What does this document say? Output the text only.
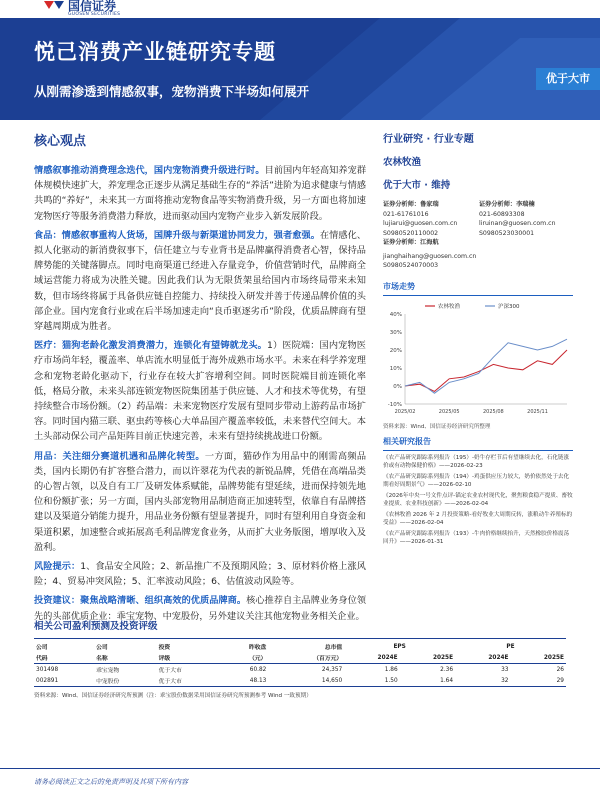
国信证券
GUOSEN SECURITIES
悦己消费产业链研究专题
从刚需渗透到情感叙事，宠物消费下半场如何展开
优于大市
核心观点

情感叙事推动消费理念迭代，国内宠物消费升级进行时。目前国内年轻高知养宠群体规模快速扩大，养宠理念正逐步从满足基础生存的“养活”进阶为追求健康与情感共鸣的“养好”，未来其一方面将推动宠物食品等实物消费升级，另一方面也将加速宠物医疗等服务消费潜力释放，进而驱动国内宠物产业步入新发展阶段。

食品：情感叙事重构人货场，国牌升级与新渠道协同发力，强者愈强。在情感化、拟人化驱动的新消费叙事下，信任建立与专业背书是品牌赢得消费者心智，保持品牌势能的关键落脚点。同时电商渠道已经进入存量竞争，价值营销时代，品牌商全域运营能力将成为决胜关键。因此我们认为无限货架虽给国内市场终局带来未知数，但市场终将属于具备供应链自控能力、持续投入研发并善于传递品牌价值的头部企业。国内宠食行业或在后半场加速走向“良币驱逐劣币”阶段，优质品牌商有望穿越周期成为胜者。

医疗：猫狗老龄化激发消费潜力，连锁化有望铸就龙头。1）医院端：国内宠物医疗市场尚年轻，覆盖率、单店流水明显低于海外成熟市场水平。未来在科学养宠理念和宠物老龄化驱动下，行业存在较大扩容增利空间。同时医院端目前连锁化率低，格局分散，未来头部连锁宠物医院集团基于供应链、人才和技术等优势，有望持续整合市场份额。（2）药品端：未来宠物医疗发展有望同步带动上游药品市场扩容。同时国内猫三联、驱虫药等核心大单品国产覆盖率较低，未来替代空间大。本土头部动保公司产品矩阵目前正快速完善，未来有望持续挑战进口份额。

用品：关注细分赛道机遇和品牌化转型。一方面，猫砂作为用品中的刚需高频品类，国内长期仍有扩容整合潜力，而以许翠花为代表的新锐品牌，凭借在高端品类的心智占领，以及自有工厂及研发体系赋能，品牌势能有望延续，进而保持领先地位和份额扩张；另一方面，国内头部宠物用品制造商正加速转型，依靠自有品牌搭建以及渠道分销能力提升，用品业务份额有望显著提升，同时有望利用自身资金和渠道积累，加速整合或拓展高毛利品牌宠食业务，从而扩大业务版图，增厚收入及盈利。

风险提示：1、食品安全风险；2、新品推广不及预期风险；3、原材料价格上涨风险；4、贸易冲突风险；5、汇率波动风险；6、估值波动风险等。

投资建议：聚焦战略清晰、组织高效的优质品牌商。核心推荐自主品牌业务身位领先的头部优质企业：乖宝宠物、中宠股份，另外建议关注其他宠物业务相关企业。

行业研究 · 行业专题
农林牧渔
优于大市 · 维持
证券分析师：鲁家瑞	证券分析师：李瑞楠
021-61761016	021-60893308
lujiarui@guosen.com.cn	liruinan@guosen.com.cn
S0980520110002	S0980523030001
证券分析师：江海航
jianghaihang@guosen.com.cn
S0980524070003
市场走势
40%
30%
20%
10%
0%
-10%
2025/02	2025/05	2025/08	2025/11
农林牧渔	沪深300
资料来源：Wind、国信证券经济研究所整理
相关研究报告
《农产品研究跟踪系列报告（195）-奶牛存栏节后有望继续去化，石化链涨价或有动物保健价格》——2026-02-23
《农产品研究跟踪系列报告（194）-鸡蛋供应压力较大，奶价依然处于去化期看好周期景气》——2026-02-10
《2026年中央一号文件点评-锚定农业农村现代化，聚焦粮食稳产提质、畜牧业提质、农业科技创新》——2026-02-04
《农林牧渔 2026 年 2 月投资策略-看好牧业大周期反转，涨粮动牛养殖标的受益》——2026-02-04
《农产品研究跟踪系列报告（193）-牛肉价格继续抬升，天然橡胶价格震荡回升》——2026-01-31
相关公司盈利预测及投资评级
公司	公司	投资	昨收盘	总市值	EPS		PE	
代码	名称	评级	（元）	（百万元）	2024E	2025E	2024E	2025E
301498	乖宝宠物	优于大市	60.82	24,357	1.86	2.36	33	26
002891	中宠股份	优于大市	48.13	14,650	1.50	1.64	32	29
资料来源：Wind、国信证券经济研究所预测（注：乖宝股份数据采用国信证券研究所预测参考 Wind 一致预期）
请务必阅读正文之后的免责声明及其项下所有内容
